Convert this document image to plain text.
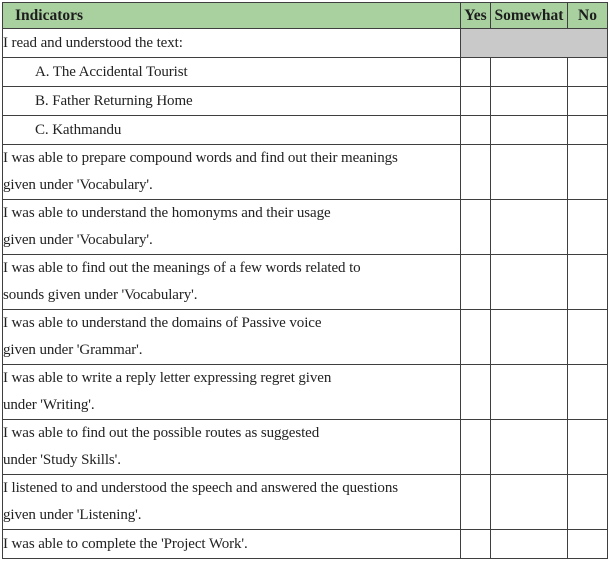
Indicators	Yes	Somewhat	No
I read and understood the text:			
A. The Accidental Tourist			
B. Father Returning Home			
C. Kathmandu			

I was able to prepare compound words and find out their meanings
given under 'Vocabulary'.			

I was able to understand the homonyms and their usage
given under 'Vocabulary'.			

I was able to find out the meanings of a few words related to
sounds given under 'Vocabulary'.			

I was able to understand the domains of Passive voice
given under 'Grammar'.			

I was able to write a reply letter expressing regret given
under 'Writing'.			

I was able to find out the possible routes as suggested
under 'Study Skills'.			

I listened to and understood the speech and answered the questions
given under 'Listening'.			

I was able to complete the 'Project Work'.			
